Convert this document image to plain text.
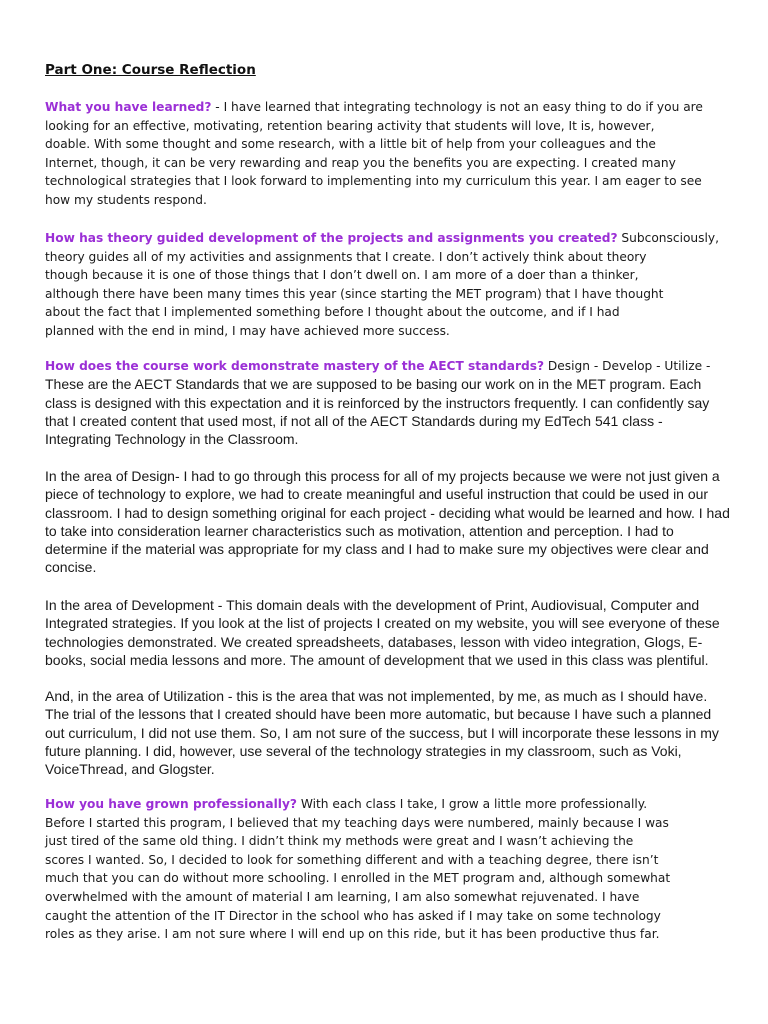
Part One: Course Reflection

What you have learned? - I have learned that integrating technology is not an easy thing to do if you are
looking for an effective, motivating, retention bearing activity that students will love, It is, however,
doable. With some thought and some research, with a little bit of help from your colleagues and the
Internet, though, it can be very rewarding and reap you the benefits you are expecting. I created many
technological strategies that I look forward to implementing into my curriculum this year. I am eager to see
how my students respond.

How has theory guided development of the projects and assignments you created? Subconsciously,
theory guides all of my activities and assignments that I create. I don’t actively think about theory
though because it is one of those things that I don’t dwell on. I am more of a doer than a thinker,
although there have been many times this year (since starting the MET program) that I have thought
about the fact that I implemented something before I thought about the outcome, and if I had
planned with the end in mind, I may have achieved more success.

How does the course work demonstrate mastery of the AECT standards? Design - Develop - Utilize -
These are the AECT Standards that we are supposed to be basing our work on in the MET program. Each
class is designed with this expectation and it is reinforced by the instructors frequently. I can confidently say
that I created content that used most, if not all of the AECT Standards during my EdTech 541 class -
Integrating Technology in the Classroom.

In the area of Design- I had to go through this process for all of my projects because we were not just given a
piece of technology to explore, we had to create meaningful and useful instruction that could be used in our
classroom. I had to design something original for each project - deciding what would be learned and how. I had
to take into consideration learner characteristics such as motivation, attention and perception. I had to
determine if the material was appropriate for my class and I had to make sure my objectives were clear and
concise.

In the area of Development - This domain deals with the development of Print, Audiovisual, Computer and
Integrated strategies. If you look at the list of projects I created on my website, you will see everyone of these
technologies demonstrated. We created spreadsheets, databases, lesson with video integration, Glogs, E-
books, social media lessons and more. The amount of development that we used in this class was plentiful.

And, in the area of Utilization - this is the area that was not implemented, by me, as much as I should have.
The trial of the lessons that I created should have been more automatic, but because I have such a planned
out curriculum, I did not use them. So, I am not sure of the success, but I will incorporate these lessons in my
future planning. I did, however, use several of the technology strategies in my classroom, such as Voki,
VoiceThread, and Glogster.

How you have grown professionally? With each class I take, I grow a little more professionally.
Before I started this program, I believed that my teaching days were numbered, mainly because I was
just tired of the same old thing. I didn’t think my methods were great and I wasn’t achieving the
scores I wanted. So, I decided to look for something different and with a teaching degree, there isn’t
much that you can do without more schooling. I enrolled in the MET program and, although somewhat
overwhelmed with the amount of material I am learning, I am also somewhat rejuvenated. I have
caught the attention of the IT Director in the school who has asked if I may take on some technology
roles as they arise. I am not sure where I will end up on this ride, but it has been productive thus far.
